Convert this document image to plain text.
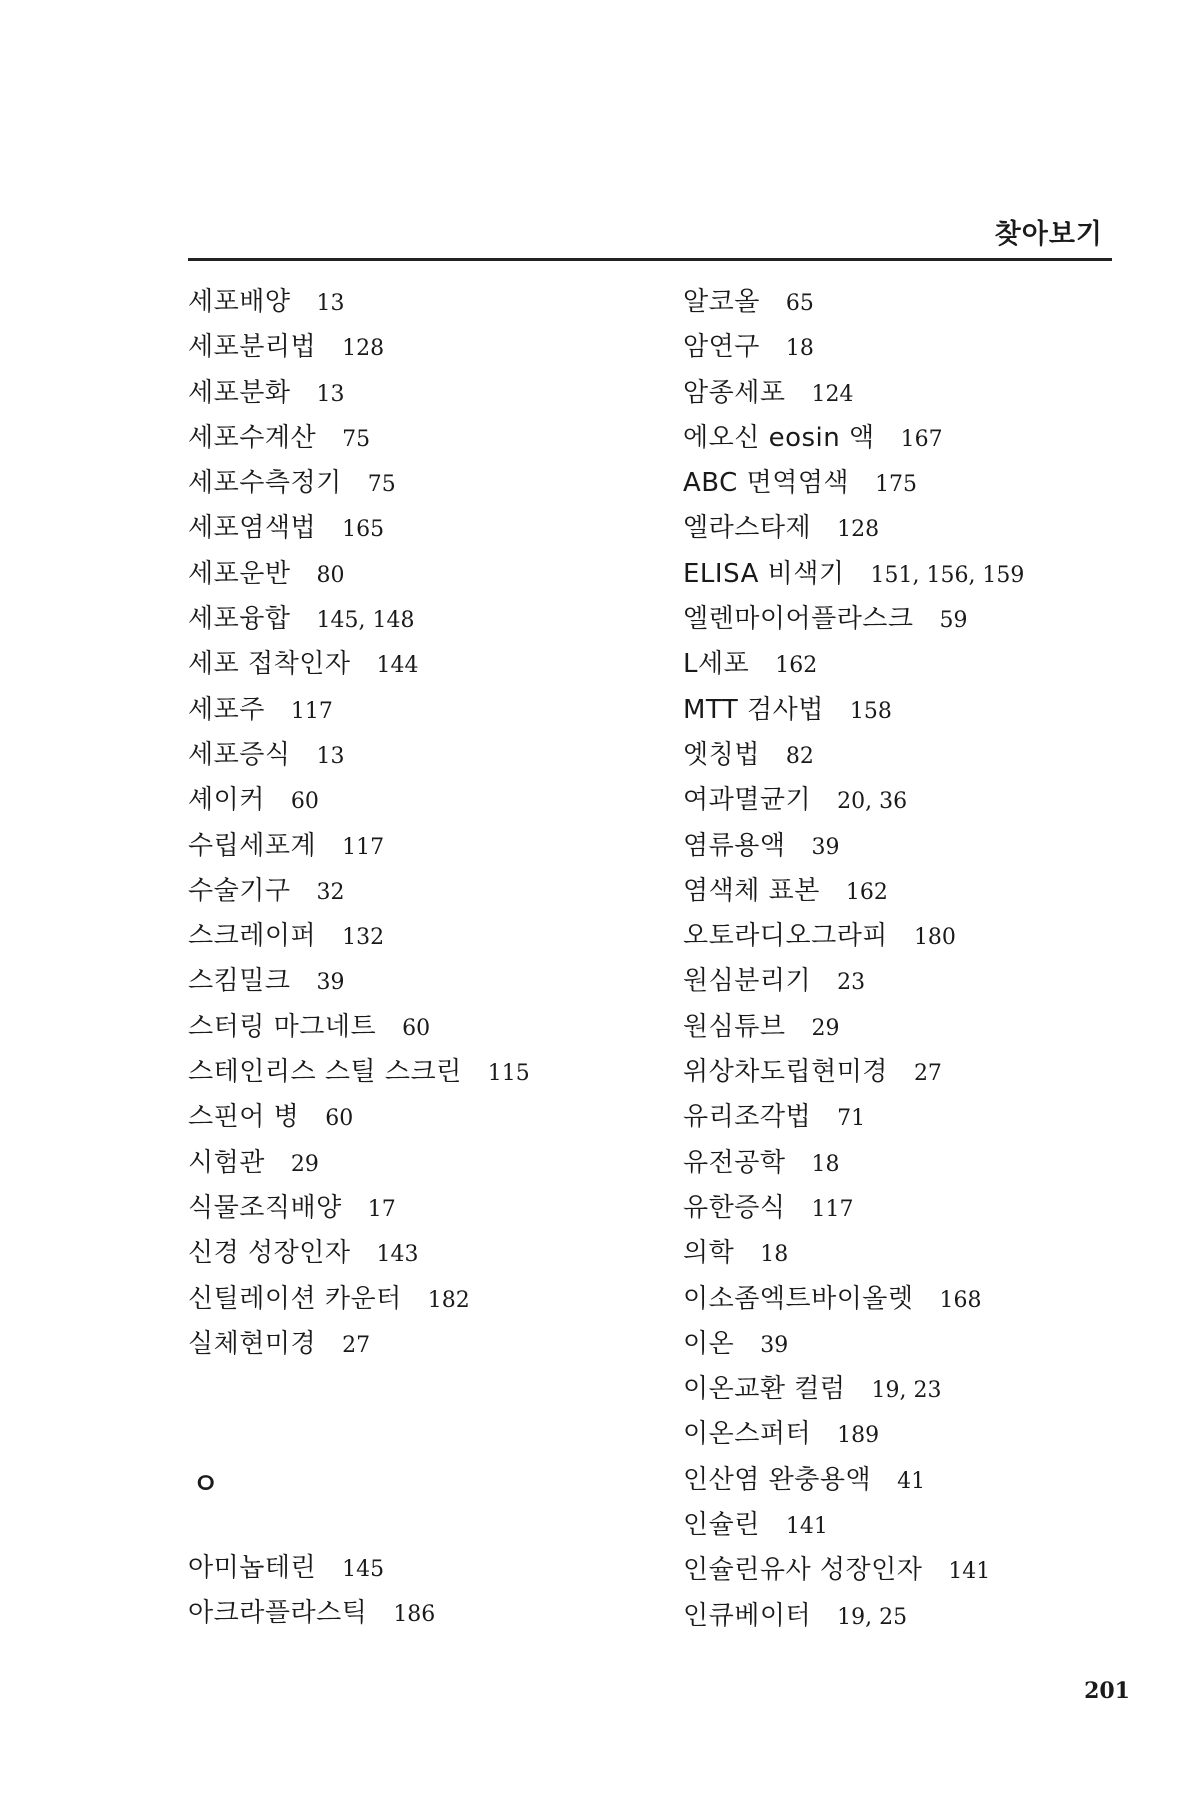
찾아보기
세포배양 13
세포분리법 128
세포분화 13
세포수계산 75
세포수측정기 75
세포염색법 165
세포운반 80
세포융합 145, 148
세포 접착인자 144
세포주 117
세포증식 13
셰이커 60
수립세포계 117
수술기구 32
스크레이퍼 132
스킴밀크 39
스터링 마그네트 60
스테인리스 스틸 스크린 115
스핀어 병 60
시험관 29
식물조직배양 17
신경 성장인자 143
신틸레이션 카운터 182
실체현미경 27
ㅇ
아미놉테린 145
아크라플라스틱 186
알코올 65
암연구 18
암종세포 124
에오신 eosin 액 167
ABC 면역염색 175
엘라스타제 128
ELISA 비색기 151, 156, 159
엘렌마이어플라스크 59
L세포 162
MTT 검사법 158
엣칭법 82
여과멸균기 20, 36
염류용액 39
염색체 표본 162
오토라디오그라피 180
원심분리기 23
원심튜브 29
위상차도립현미경 27
유리조각법 71
유전공학 18
유한증식 117
의학 18
이소좀엑트바이올렛 168
이온 39
이온교환 컬럼 19, 23
이온스퍼터 189
인산염 완충용액 41
인슐린 141
인슐린유사 성장인자 141
인큐베이터 19, 25
201
